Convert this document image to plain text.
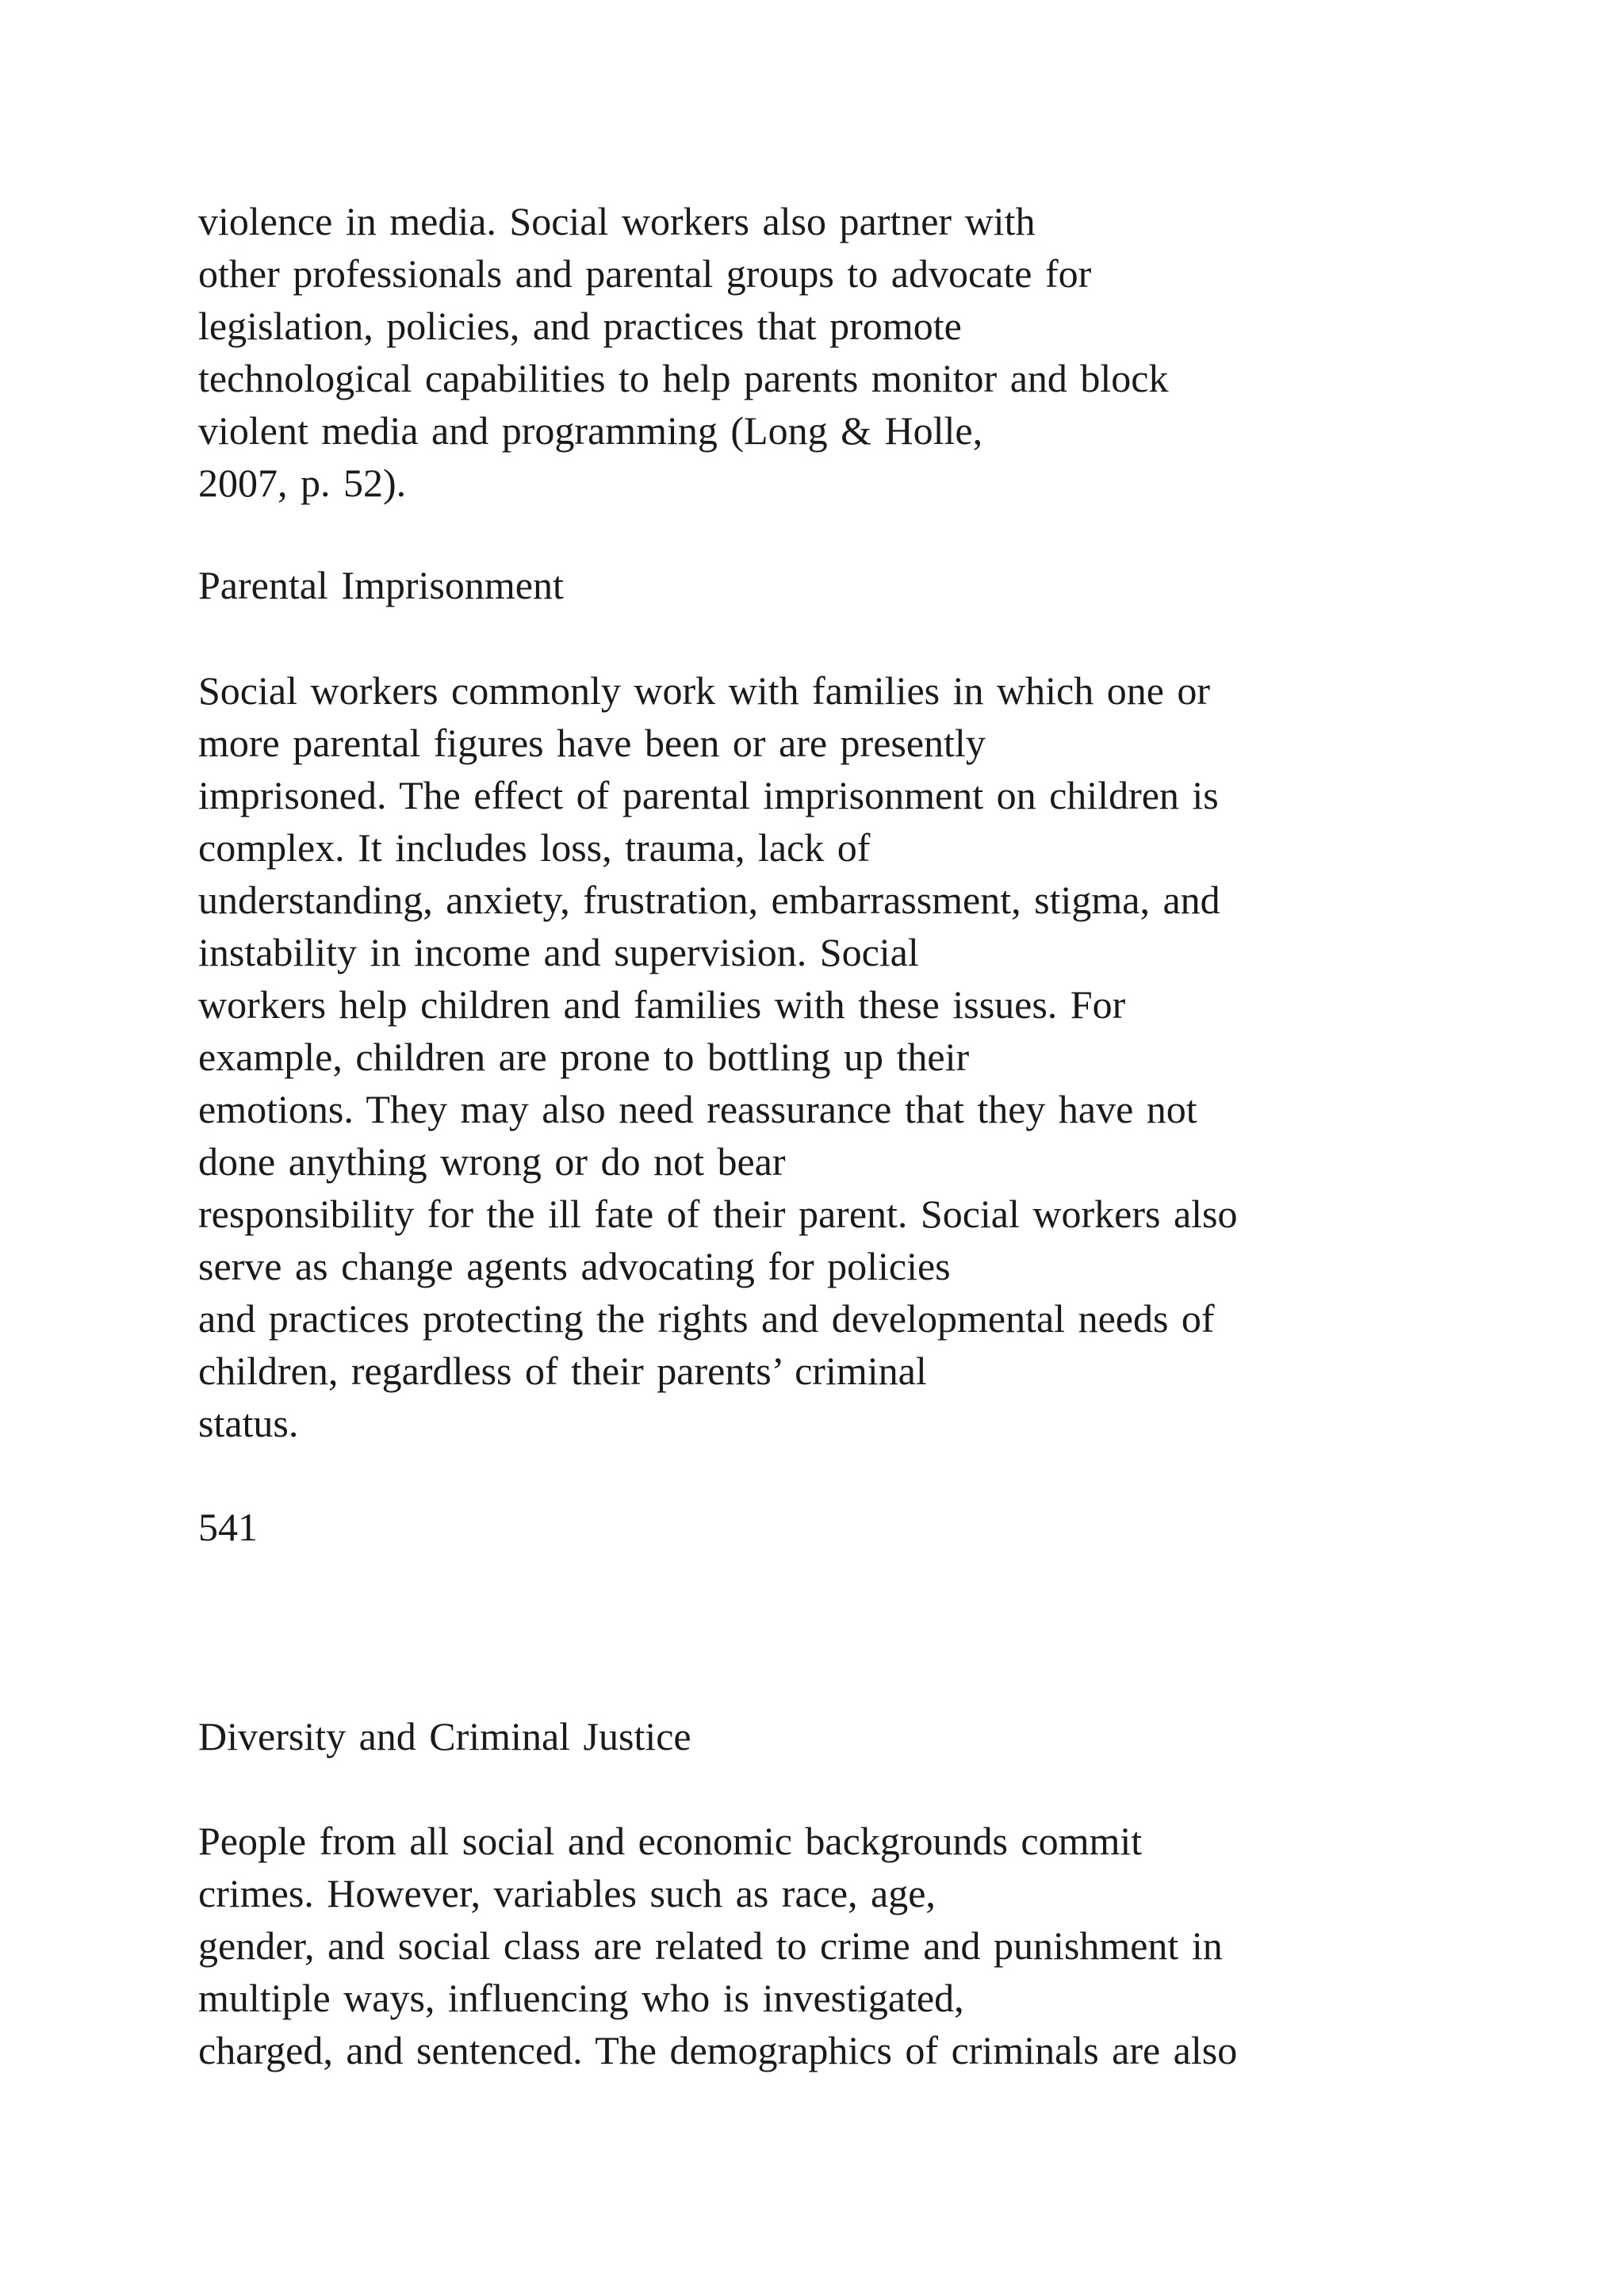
violence in media. Social workers also partner with
other professionals and parental groups to advocate for
legislation, policies, and practices that promote
technological capabilities to help parents monitor and block
violent media and programming (Long & Holle,
2007, p. 52).
Parental Imprisonment
Social workers commonly work with families in which one or
more parental figures have been or are presently
imprisoned. The effect of parental imprisonment on children is
complex. It includes loss, trauma, lack of
understanding, anxiety, frustration, embarrassment, stigma, and
instability in income and supervision. Social
workers help children and families with these issues. For
example, children are prone to bottling up their
emotions. They may also need reassurance that they have not
done anything wrong or do not bear
responsibility for the ill fate of their parent. Social workers also
serve as change agents advocating for policies
and practices protecting the rights and developmental needs of
children, regardless of their parents’ criminal
status.
541
Diversity and Criminal Justice
People from all social and economic backgrounds commit
crimes. However, variables such as race, age,
gender, and social class are related to crime and punishment in
multiple ways, influencing who is investigated,
charged, and sentenced. The demographics of criminals are also
